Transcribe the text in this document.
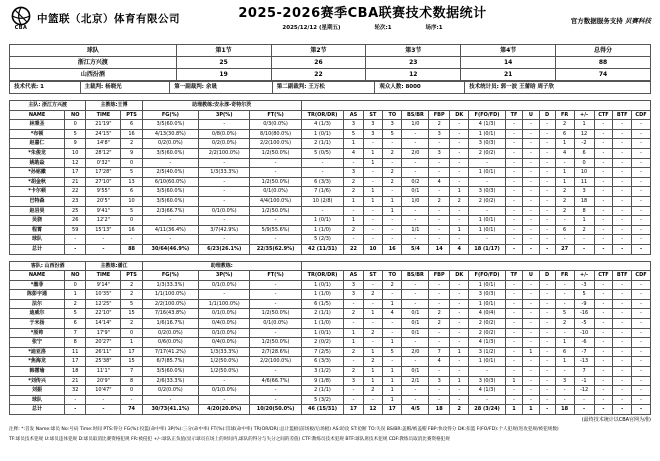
CBA
中篮联（北京）体育有限公司	2025-2026赛季CBA联赛技术数据统计
2025/12/12 (星期五)	轮次:1	场序:1
官方数据服务支持 贝赛科技
球队	第1节	第2节	第3节	第4节	总得分
浙江方兴渡	25	26	23	14	88
山西汾酒	19	22	12	21	74
技术代表: 1	主裁判: 杨晓光	第一副裁判: 余晟	第二副裁判: 王万松	观众人数: 8000	技术统计员: 郭一波 王蕾晗 周子欣
主队: 浙江方兴渡		主教练:王博		助理教练:安永淳-奇特尔茨																		
NAME	NO	TIME	PTS	FG(%)	3P(%)	FT(%)	TR(OR/DR)	AS	ST	TO	BS/BR	FBP	DK	F(FO/FD)	TF	U	D	FR	+/-	CTF	BTF	CDF
林秉圣	0	21'19"	6	3/5(60.0%)	-	0/3(0.0%)	4 (1/3)	3	3	3	1/0	2	-	4 (1/3)	-	-	-	2	1	-	-	-
*布顿	5	24'15"	16	4/13(30.8%)	0/8(0.0%)	8/10(80.0%)	1 (0/1)	5	3	5	-	3	-	1 (0/1)	-	-	-	6	12	-	-	-
赵嘉仁	9	14'8"	2	0/2(0.0%)	0/2(0.0%)	2/2(100.0%)	2 (1/1)	1	-	-	-	-	-	3 (0/3)	-	-	-	1	-2	-	-	-
*朱俊龙	10	28'12"	9	3/5(60.0%)	2/2(100.0%)	1/2(50.0%)	5 (0/5)	4	1	2	2/0	3	-	2 (0/2)	-	-	-	4	6	-	-	-
姚皓焱	12	0'32"	0	-	-	-	-	-	1	-	-	-	-	-	-	-	-	-	0	-	-	-
*孙铭徽	17	17'28"	5	2/5(40.0%)	1/3(33.3%)	-	-	3	-	2	-	-	-	1 (0/1)	-	-	-	1	10	-	-	-
*胡金秋	21	27'10"	13	6/10(60.0%)	-	1/2(50.0%)	6 (3/3)	2	-	2	0/2	4	-	-	-	-	-	1	11	-	-	-
*卡尔顿	22	9'55"	6	3/5(60.0%)	-	0/1(0.0%)	7 (1/6)	2	1	-	0/1	-	1	3 (0/3)	-	-	-	2	3	-	-	-
巴特森	23	20'5"	10	3/5(60.0%)	-	4/4(100.0%)	10 (2/8)	1	1	1	1/0	2	2	2 (0/2)	-	-	-	2	18	-	-	-
赵岩昊	25	9'41"	5	2/3(66.7%)	0/1(0.0%)	1/2(50.0%)	-	-	-	1	-	-	-	-	-	-	-	2	8	-	-	-
吴骁	26	12'2"	0	-	-	-	1 (0/1)	1	-	-	-	-	-	1 (0/1)	-	-	-	-	1	-	-	-
程霄	59	15'13"	16	4/11(36.4%)	3/7(42.9%)	5/9(55.6%)	1 (1/0)	2	-	-	1/1	-	1	1 (0/1)	-	-	-	6	2	-	-	-
球队	-	-	-	-	-	-	5 (2/3)	-	-	-	-	-	-	-	-	-	-	-	-	-	-	-
总计	-	-	88	30/64(46.9%)	6/23(26.1%)	22/35(62.9%)	42 (11/31)	22	10	16	5/4	14	4	18 (1/17)	-	-	-	27	-	-	-	-
客队: 山西汾酒		主教练:潘江		助理教练:																		
NAME	NO	TIME	PTS	FG(%)	3P(%)	FT(%)	TR(OR/DR)	AS	ST	TO	BS/BR	FBP	DK	F(FO/FD)	TF	U	D	FR	+/-	CTF	BTF	CDF
*墨菲	0	9'14"	2	1/3(33.3%)	0/1(0.0%)	-	1 (0/1)	3	-	2	-	-	-	1 (0/1)	-	-	-	-	-3	-	-	-
陈彭宇通	1	10'35"	2	1/1(100.0%)	-	-	1 (1/0)	3	2	-	-	-	-	3 (0/3)	-	-	-	-	5	-	-	-
法尔	2	12'25"	5	2/2(100.0%)	1/1(100.0%)	-	6 (1/5)	-	-	1	-	-	-	1 (0/1)	-	-	-	-	-9	-	-	-
迪威尔	5	22'10"	15	7/16(43.8%)	0/1(0.0%)	1/2(50.0%)	2 (1/1)	2	1	4	0/1	2	-	4 (0/4)	-	-	-	5	-16	-	-	-
于米扬	6	14'14"	2	1/6(16.7%)	0/4(0.0%)	0/1(0.0%)	1 (1/0)	-	-	-	0/1	2	-	2 (0/2)	-	-	-	2	-5	-	-	-
*原帅	7	17'9"	0	0/2(0.0%)	0/1(0.0%)	-	1 (0/1)	1	2	-	0/1	-	-	2 (0/2)	-	-	-	-	-10	-	-	-
张宁	8	20'27"	1	0/6(0.0%)	0/4(0.0%)	1/2(50.0%)	2 (0/2)	1	-	1	-	-	-	4 (1/3)	-	-	-	1	-6	-	-	-
*迪亚洛	11	26'11"	17	7/17(41.2%)	1/3(33.3%)	2/7(28.6%)	7 (2/5)	2	1	5	2/0	7	1	3 (1/2)	-	1	-	6	-7	-	-	-
*焦海龙	17	25'38"	15	6/7(85.7%)	1/2(50.0%)	2/2(100.0%)	6 (3/3)	-	2	-	-	4	-	1 (0/1)	-	-	-	1	-13	-	-	-
韩霈瑜	18	11'1"	7	3/5(60.0%)	1/2(50.0%)	-	3 (1/2)	2	1	1	0/1	-	-	-	-	-	-	-	7	-	-	-
*刘传兴	21	20'9"	8	2/6(33.3%)	-	4/6(66.7%)	9 (1/8)	3	1	1	2/1	3	1	3 (0/3)	1	-	-	3	-1	-	-	-
刘振	32	10'47"	0	0/2(0.0%)	0/1(0.0%)	-	2 (1/1)	-	2	1	-	-	-	4 (1/3)	-	-	-	-	-12	-	-	-
球队	-	-	-	-	-	-	5 (3/2)	-	-	1	-	-	-	-	-	-	-	-	-	-	-	-
总计	-	-	74	30/73(41.1%)	4/20(20.0%)	10/20(50.0%)	46 (15/31)	17	12	17	4/5	18	2	28 (3/24)	1	1	-	18	-	-	-	-
(最终技术统计以CBA官网为准)
注释: *:首发 Name:球员 No:号码 Time:时间 PTS:得分 FG(%):投篮(命中率) 3P(%):三分(命中率) FT(%):罚球(命中率) TR(OR/DR):总计篮板(前场板/后场板) AS:助攻 ST:抢断 TO:失误 BS/BR:盖帽/被盖帽 FBP:快攻得分 DK:扣篮 F(FO/FD):个人犯规(进攻犯规/被犯规数)
TF:球员技术犯规 U:球员违体犯规 D:球员取消比赛资格犯规 FR:被侵犯 +/-:球队正负值(显示球员在场上的时间内,球队的得分与失分之间的差值) CTF:教练员技术犯规 BTF:球队席技术犯规 CDF:教练员取消比赛资格犯规
